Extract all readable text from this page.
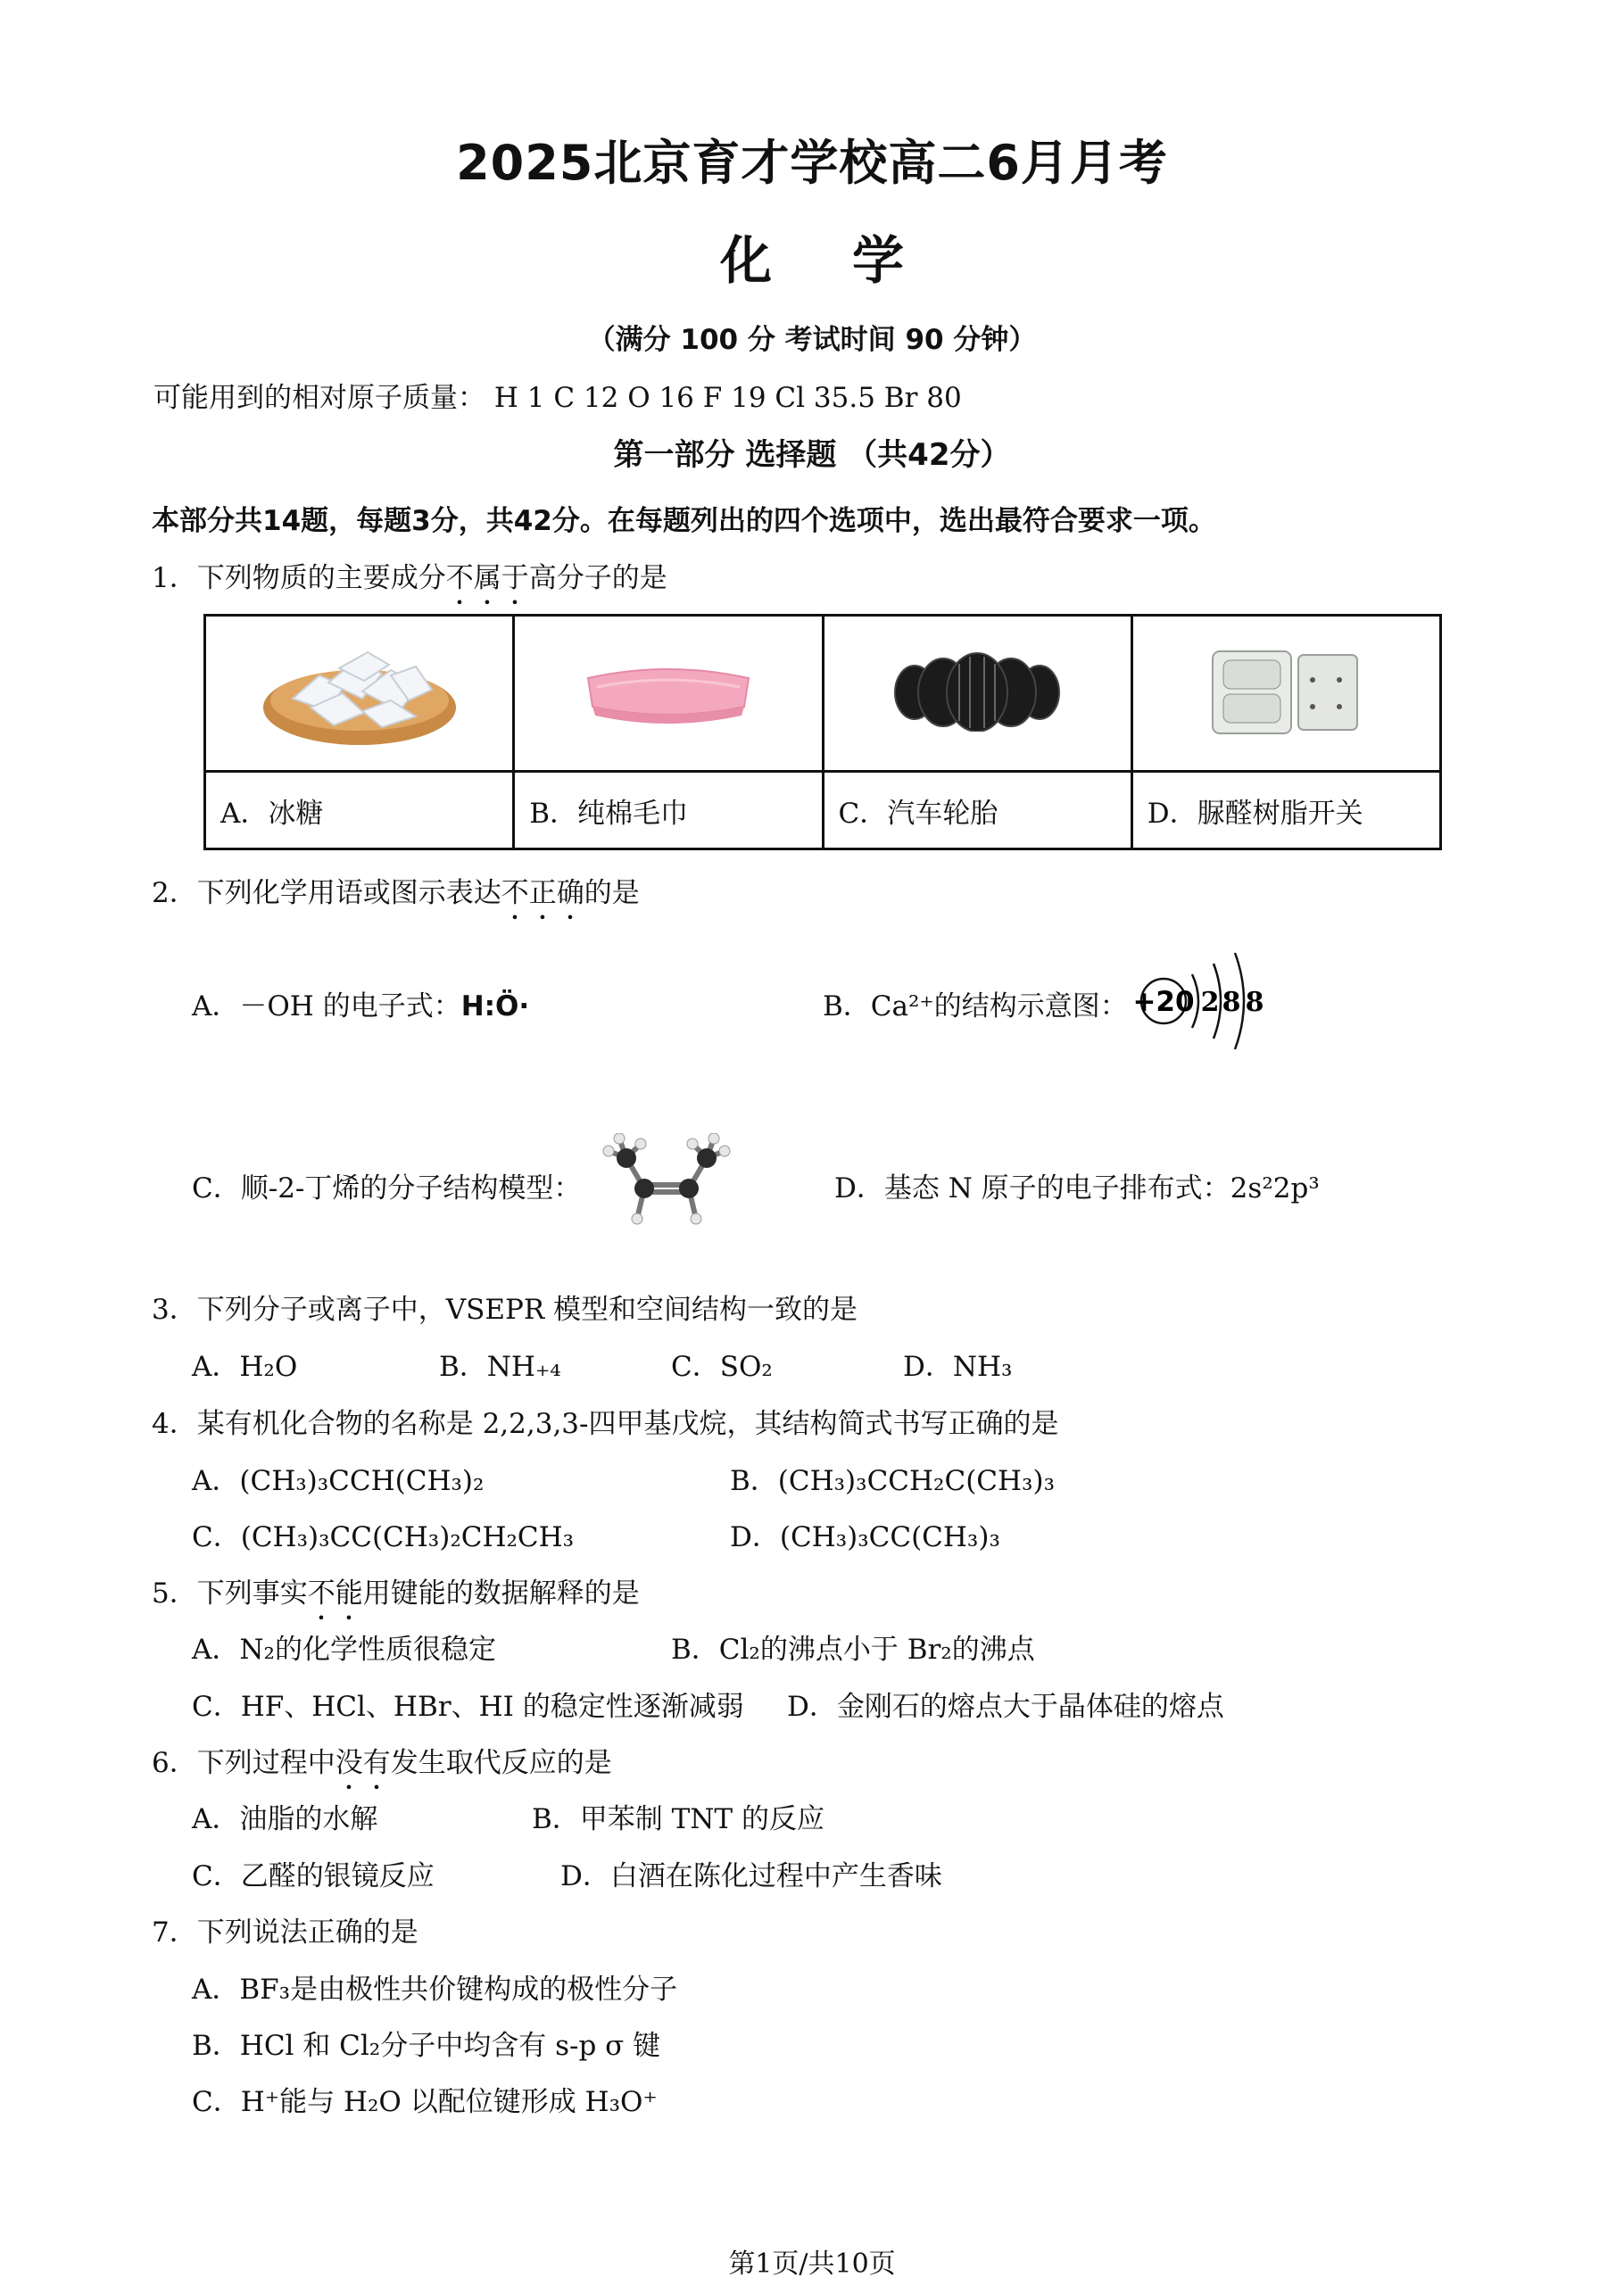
2025北京育才学校高二6月月考
化学
（满分 100 分 考试时间 90 分钟）
可能用到的相对原子质量： H 1 C 12 O 16 F 19 Cl 35.5 Br 80
第一部分 选择题 （共42分）
本部分共14题，每题3分，共42分。在每题列出的四个选项中，选出最符合要求一项。
1．下列物质的主要成分不属于高分子的是

A．冰糖	B．纯棉毛巾	C．汽车轮胎	D．脲醛树脂开关
2．下列化学用语或图示表达不正确的是
A．－OH 的电子式：H:Ö·	B．Ca²⁺的结构示意图： +20 2 8 8
C．顺-2-丁烯的分子结构模型：	D．基态 N 原子的电子排布式：2s²2p³
3．下列分子或离子中，VSEPR 模型和空间结构一致的是
A．H₂O	B．NH₊₄	C．SO₂	D．NH₃
4．某有机化合物的名称是 2,2,3,3-四甲基戊烷，其结构简式书写正确的是
A．(CH₃)₃CCH(CH₃)₂	B．(CH₃)₃CCH₂C(CH₃)₃
C．(CH₃)₃CC(CH₃)₂CH₂CH₃	D．(CH₃)₃CC(CH₃)₃
5．下列事实不能用键能的数据解释的是
A．N₂的化学性质很稳定	B．Cl₂的沸点小于 Br₂的沸点
C．HF、HCl、HBr、HI 的稳定性逐渐减弱 D．金刚石的熔点大于晶体硅的熔点
6．下列过程中没有发生取代反应的是
A．油脂的水解	B．甲苯制 TNT 的反应
C．乙醛的银镜反应	D．白酒在陈化过程中产生香味
7．下列说法正确的是
A．BF₃是由极性共价键构成的极性分子
B．HCl 和 Cl₂分子中均含有 s-p σ 键
C．H⁺能与 H₂O 以配位键形成 H₃O⁺
第1页/共10页
